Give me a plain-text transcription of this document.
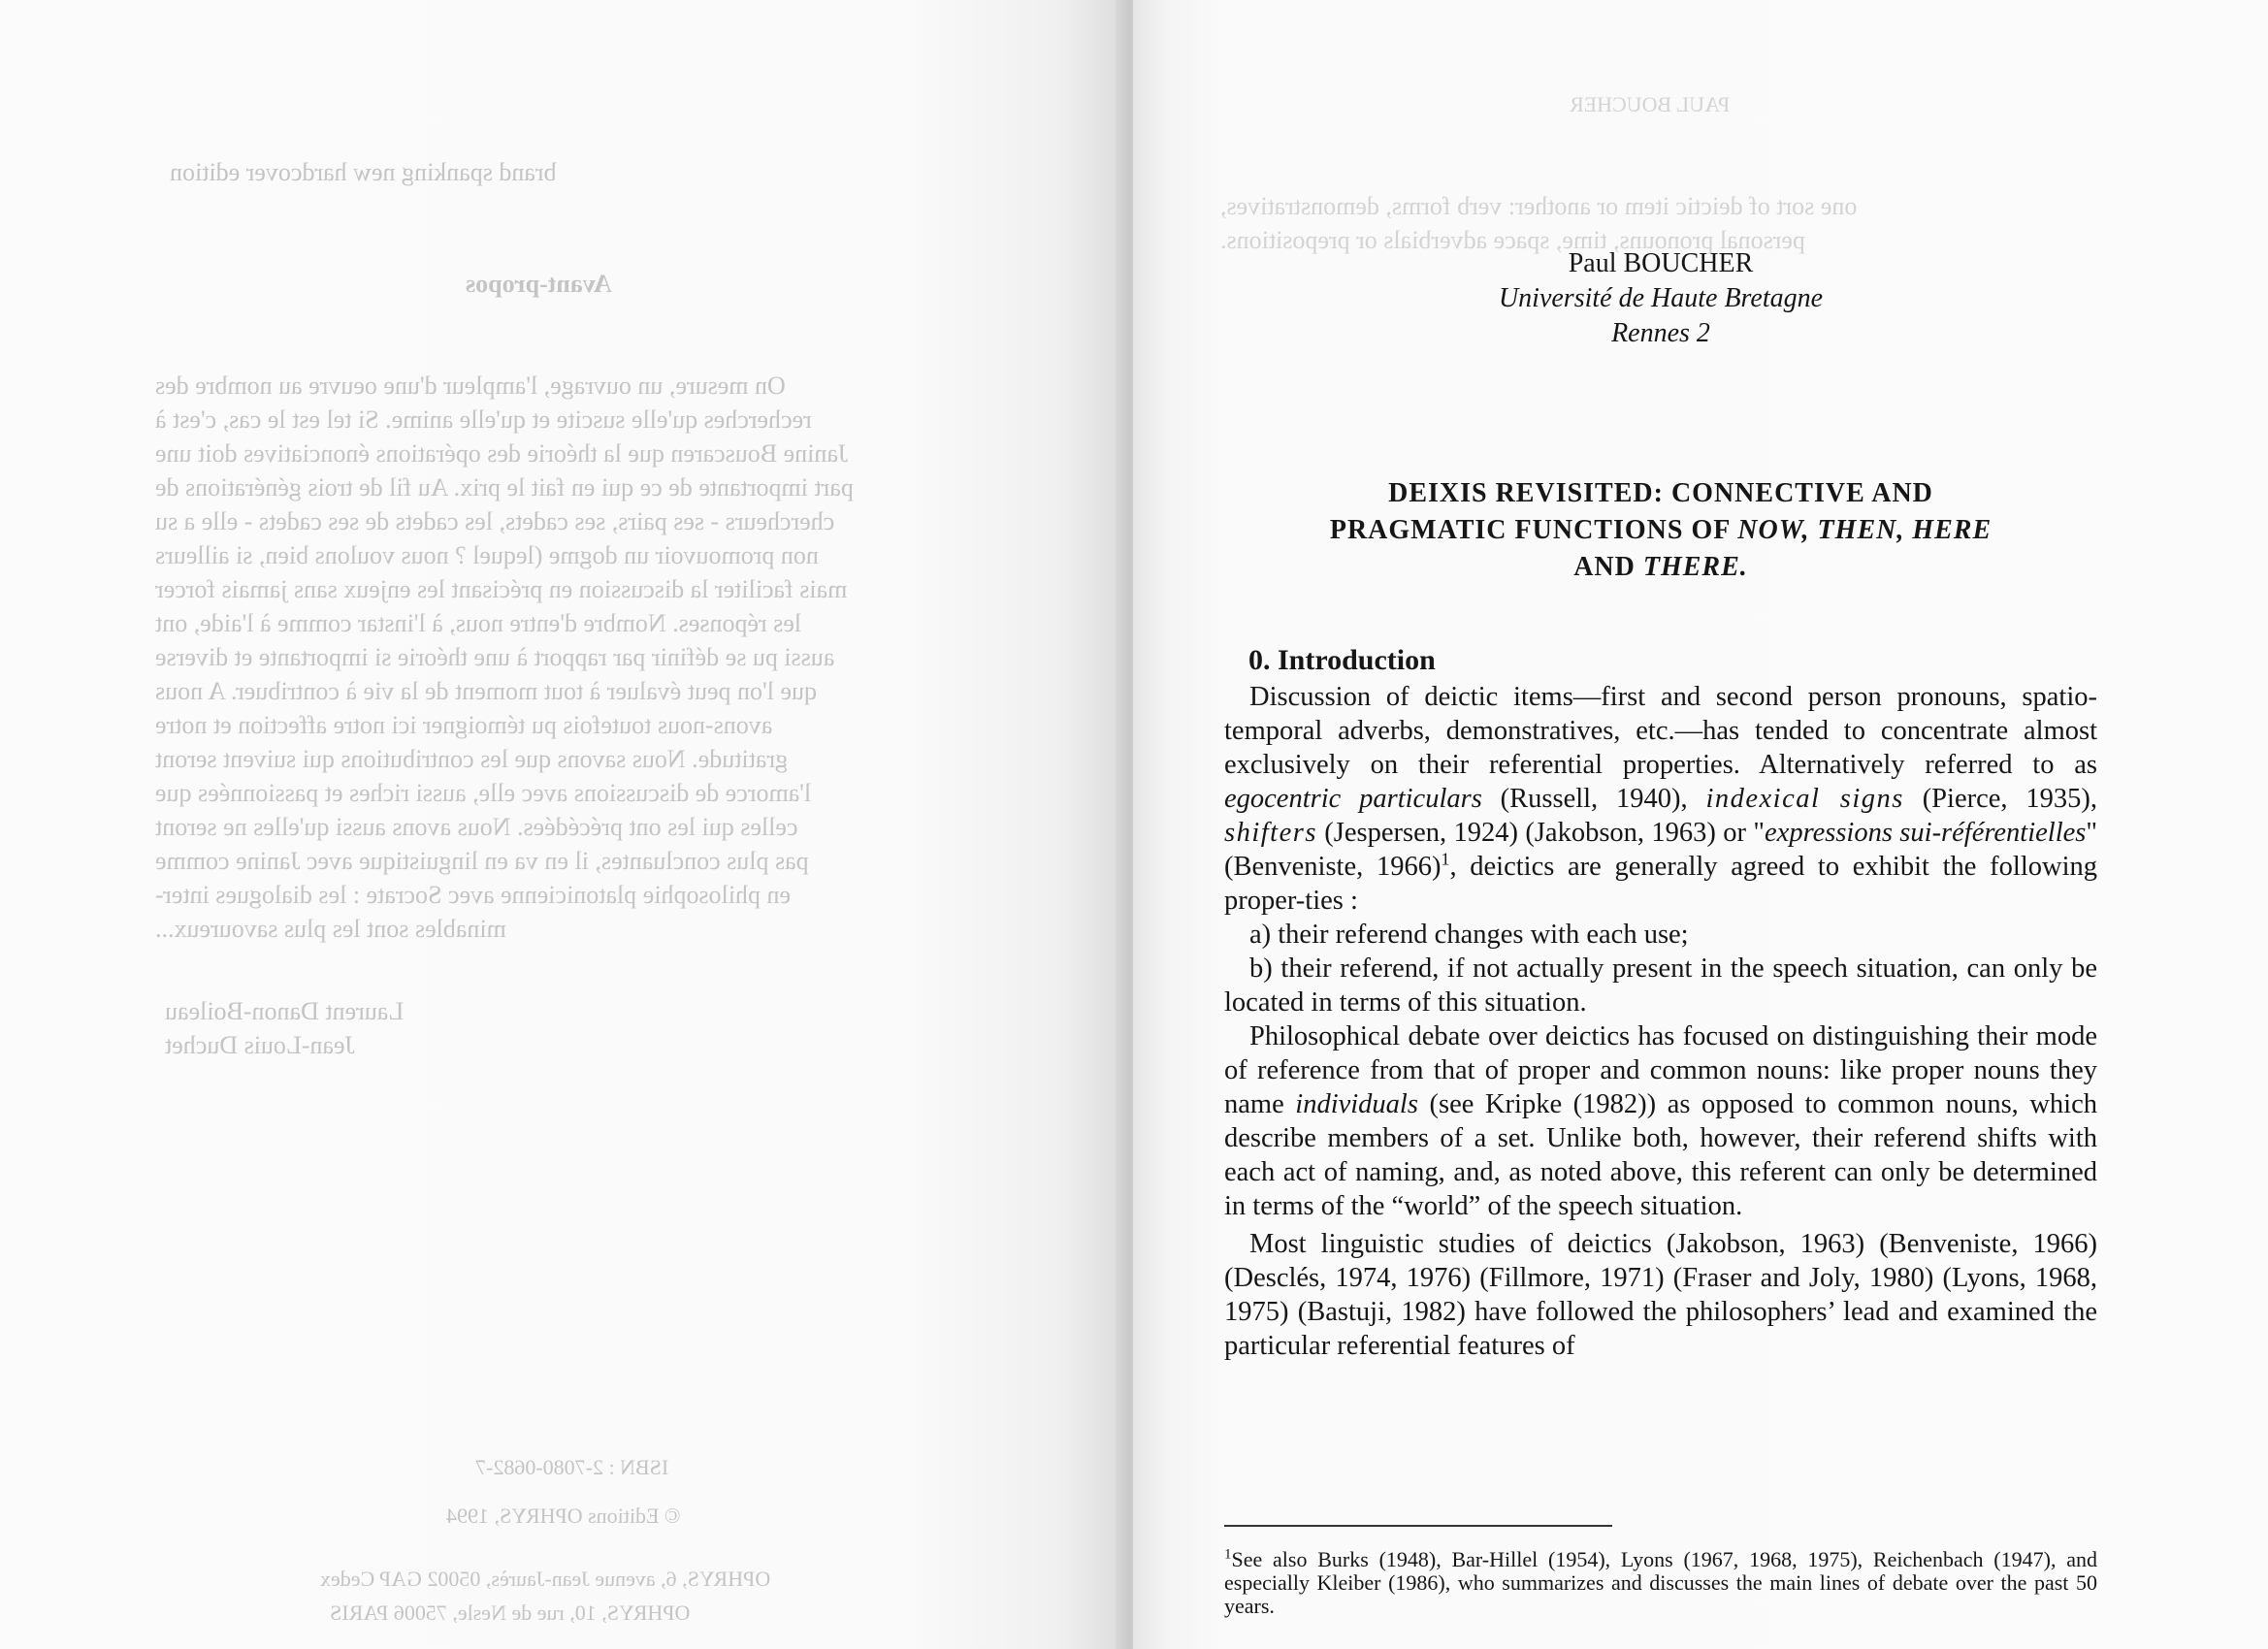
brand spanking new hardcover edition
Avant-propos
On mesure, un ouvrage, l'ampleur d'une oeuvre au nombre des
recherches qu'elle suscite et qu'elle anime. Si tel est le cas, c'est à
Janine Bouscaren que la théorie des opérations énonciatives doit une
part importante de ce qui en fait le prix. Au fil de trois générations de
chercheurs - ses pairs, ses cadets, les cadets de ses cadets - elle a su
non promouvoir un dogme (lequel ? nous voulons bien, si ailleurs
mais faciliter la discussion en précisant les enjeux sans jamais forcer
les réponses. Nombre d'entre nous, à l'instar comme à l'aide, ont
aussi pu se définir par rapport à une théorie si importante et diverse
que l'on peut évaluer à tout moment de la vie à contribuer. A nous
avons-nous toutefois pu témoigner ici notre affection et notre
gratitude. Nous savons que les contributions qui suivent seront
l'amorce de discussions avec elle, aussi riches et passionnées que
celles qui les ont précédées. Nous avons aussi qu'elles ne seront
pas plus concluantes, il en va en linguistique avec Janine comme
en philosophie platonicienne avec Socrate : les dialogues inter-
minables sont les plus savoureux...
Laurent Danon-Boileau
Jean-Louis Duchet
ISBN : 2-7080-0682-7
© Editions OPHRYS, 1994
OPHRYS, 6, avenue Jean-Jaurès, 05002 GAP Cedex
OPHRYS, 10, rue de Nesle, 75006 PARIS
PAUL BOUCHER
one sort of deictic item or another: verb forms, demonstratives,
personal pronouns, time, space adverbials or prepositions.
Paul BOUCHER
Université de Haute Bretagne
Rennes 2
DEIXIS REVISITED: CONNECTIVE AND
PRAGMATIC FUNCTIONS OF NOW, THEN, HERE
AND THERE.
0. Introduction

Discussion of deictic items—first and second person pronouns, spatio-temporal adverbs, demonstratives, etc.—has tended to concentrate almost exclusively on their referential properties. Alternatively referred to as egocentric particulars (Russell, 1940), indexical signs (Pierce, 1935), shifters (Jespersen, 1924) (Jakobson, 1963) or "expressions sui-référentielles" (Benveniste, 1966)$^1$, deictics are generally agreed to exhibit the following proper-ties :

a) their referend changes with each use;

b) their referend, if not actually present in the speech situation, can only be located in terms of this situation.

Philosophical debate over deictics has focused on distinguishing their mode of reference from that of proper and common nouns: like proper nouns they name individuals (see Kripke (1982)) as opposed to common nouns, which describe members of a set. Unlike both, however, their referend shifts with each act of naming, and, as noted above, this referent can only be determined in terms of the “world” of the speech situation.

Most linguistic studies of deictics (Jakobson, 1963) (Benveniste, 1966) (Desclés, 1974, 1976) (Fillmore, 1971) (Fraser and Joly, 1980) (Lyons, 1968, 1975) (Bastuji, 1982) have followed the philosophers’ lead and examined the particular referential features of

$^1$See also Burks (1948), Bar-Hillel (1954), Lyons (1967, 1968, 1975), Reichenbach (1947), and especially Kleiber (1986), who summarizes and discusses the main lines of debate over the past 50 years.
